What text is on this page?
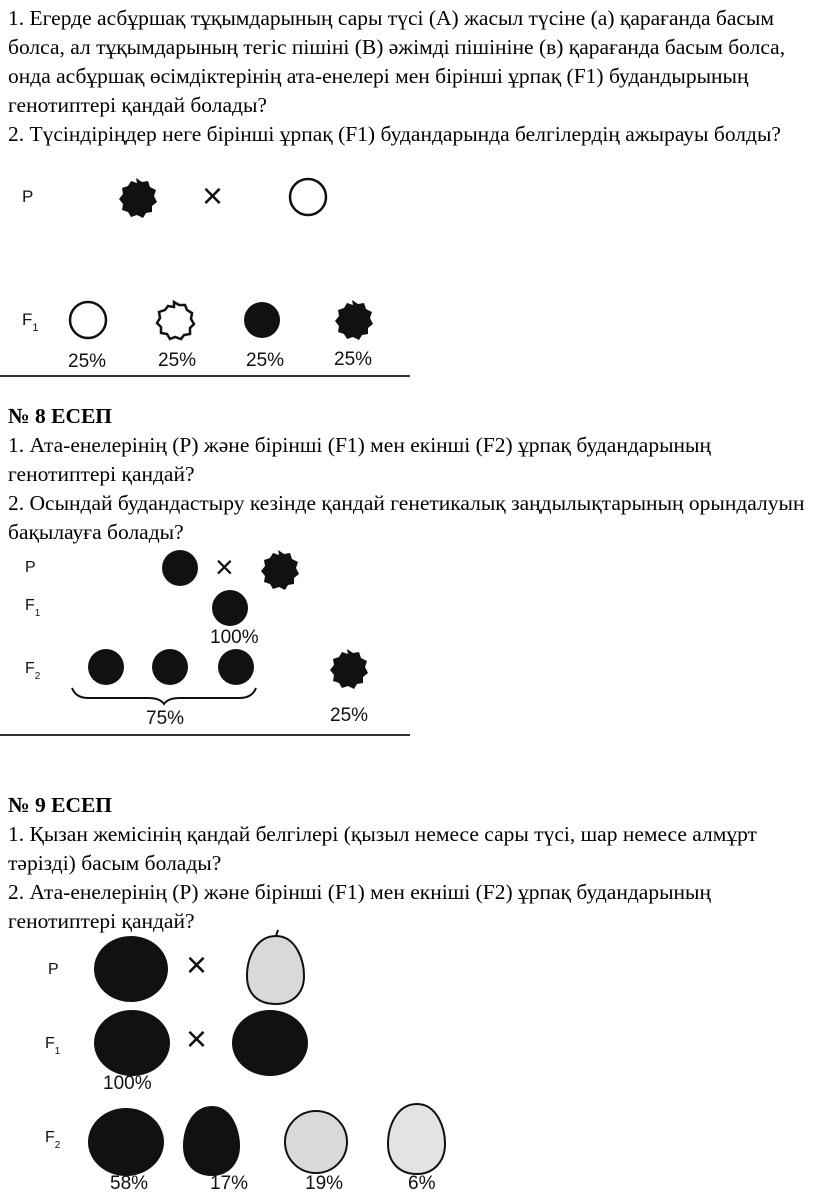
1. Егерде асбұршақ тұқымдарының сары түсі (А) жасыл түсіне (а) қарағанда басым болса, ал тұқымдарының тегіс пішіні (В) әжімді пішініне (в) қарағанда басым болса, онда асбұршақ өсімдіктерінің ата-енелері мен бірінші ұрпақ (F1) будандырының генотиптері қандай болады?

2. Түсіндіріңдер неге бірінші ұрпақ (F1) будандарында белгілердің ажырауы болды?

P	×
$F_1$
25%	25%	25%	25%

№ 8 ЕСЕП

1. Ата-енелерінің (Р) және бірінші (F1) мен екінші (F2) ұрпақ будандарының генотиптері қандай?

2. Осындай будандастыру кезінде қандай генетикалық заңдылықтарының орындалуын бақылауға болады?

P	×
$F_1$
100%
$F_2$
75%	25%

№ 9 ЕСЕП

1. Қызан жемісінің қандай белгілері (қызыл немесе сары түсі, шар немесе алмұрт тәрізді) басым болады?

2. Ата-енелерінің (Р) және бірінші (F1) мен екніші (F2) ұрпақ будандарының генотиптері қандай?

P	×
$F_1$	×
100%
$F_2$
58%	17%	19%	6%
